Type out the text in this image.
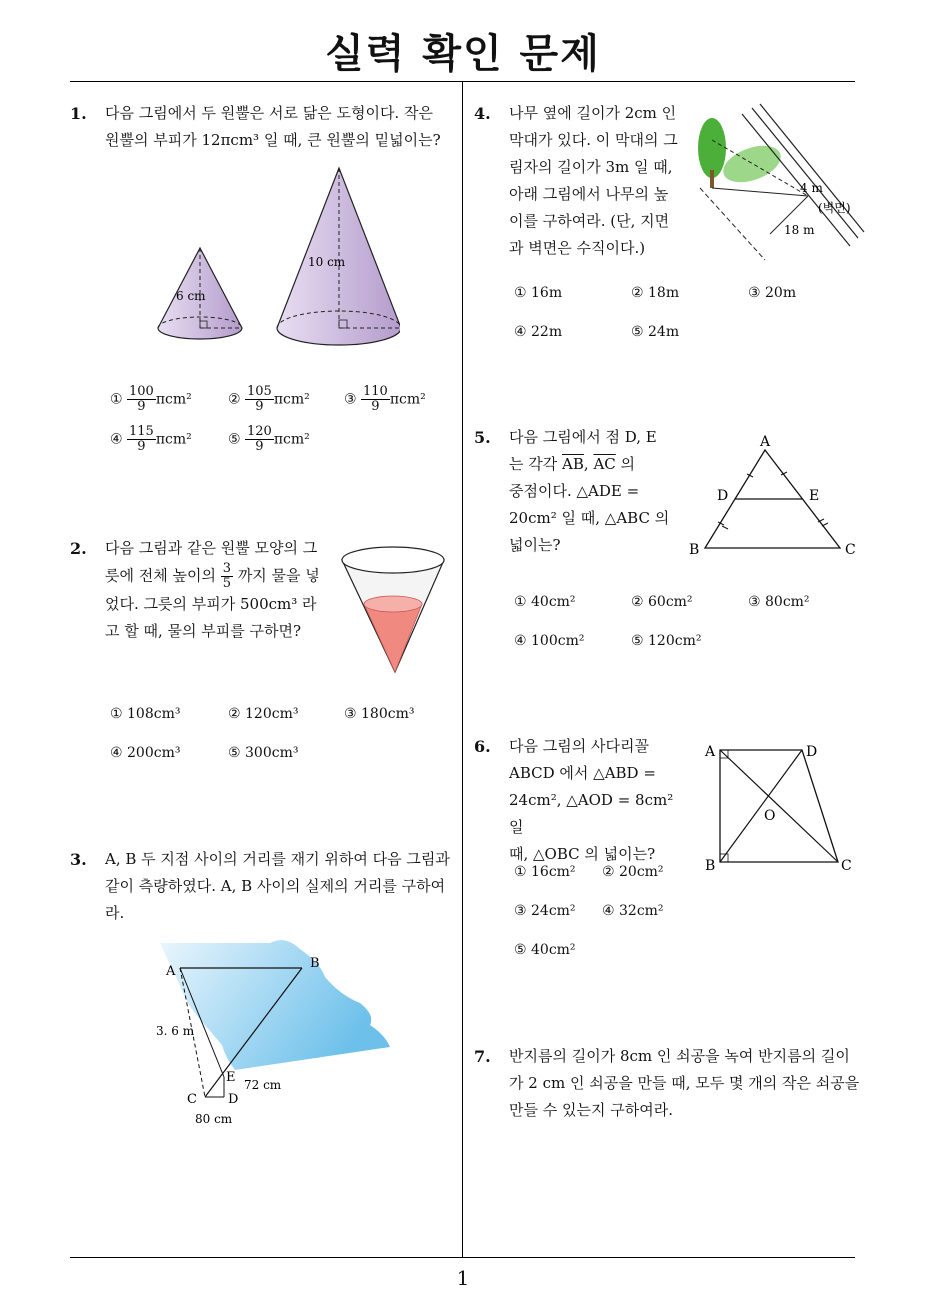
실력 확인 문제
1
1. 다음 그림에서 두 원뿔은 서로 닮은 도형이다. 작은
원뿔의 부피가 12πcm³ 일 때, 큰 원뿔의 밑넓이는?
6 cm
10 cm
① $\frac{100}{9} \pi cm^2$	② $\frac{105}{9} \pi cm^2$ ③ $\frac{110}{9} \pi cm^2$
④ $\frac{115}{9} \pi cm^2$	⑤ $\frac{120}{9} \pi cm^2$
2. 다음 그림과 같은 원뿔 모양의 그
릇에 전체 높이의 $\frac{3}{5}$ 까지 물을 넣
었다. 그릇의 부피가 500cm³ 라
고 할 때, 물의 부피를 구하면?
① 108cm³	② 120cm³	③ 180cm³
④ 200cm³	⑤ 300cm³
3. A, B 두 지점 사이의 거리를 재기 위하여 다음 그림과
같이 측량하였다. A, B 사이의 실제의 거리를 구하여
라.
A
B
C D
E
3. 6 m
72 cm
80 cm
4. 나무 옆에 길이가 2cm 인
막대가 있다. 이 막대의 그
림자의 길이가 3m 일 때,
아래 그림에서 나무의 높
이를 구하여라. (단, 지면
과 벽면은 수직이다.)
(벽면)
4 m
18 m
① 16m	② 18m	③ 20m
④ 22m	⑤ 24m
5. 다음 그림에서 점 D, E
는 각각 $\overline{AB}$, $\overline{AC}$ 의
중점이다. △ADE =
20cm² 일 때, △ABC 의
넓이는?
A
B	C
D	E
① 40cm²	② 60cm²	③ 80cm²
④ 100cm²	⑤ 120cm²
6. 다음 그림의 사다리꼴
ABCD 에서 △ABD =
24cm², △AOD = 8cm² 일
때, △OBC 의 넓이는?
A	D
B	C
O
① 16cm² ② 20cm²
③ 24cm² ④ 32cm²
⑤ 40cm²
7. 반지름의 길이가 8cm 인 쇠공을 녹여 반지름의 길이
가 2 cm 인 쇠공을 만들 때, 모두 몇 개의 작은 쇠공을
만들 수 있는지 구하여라.
